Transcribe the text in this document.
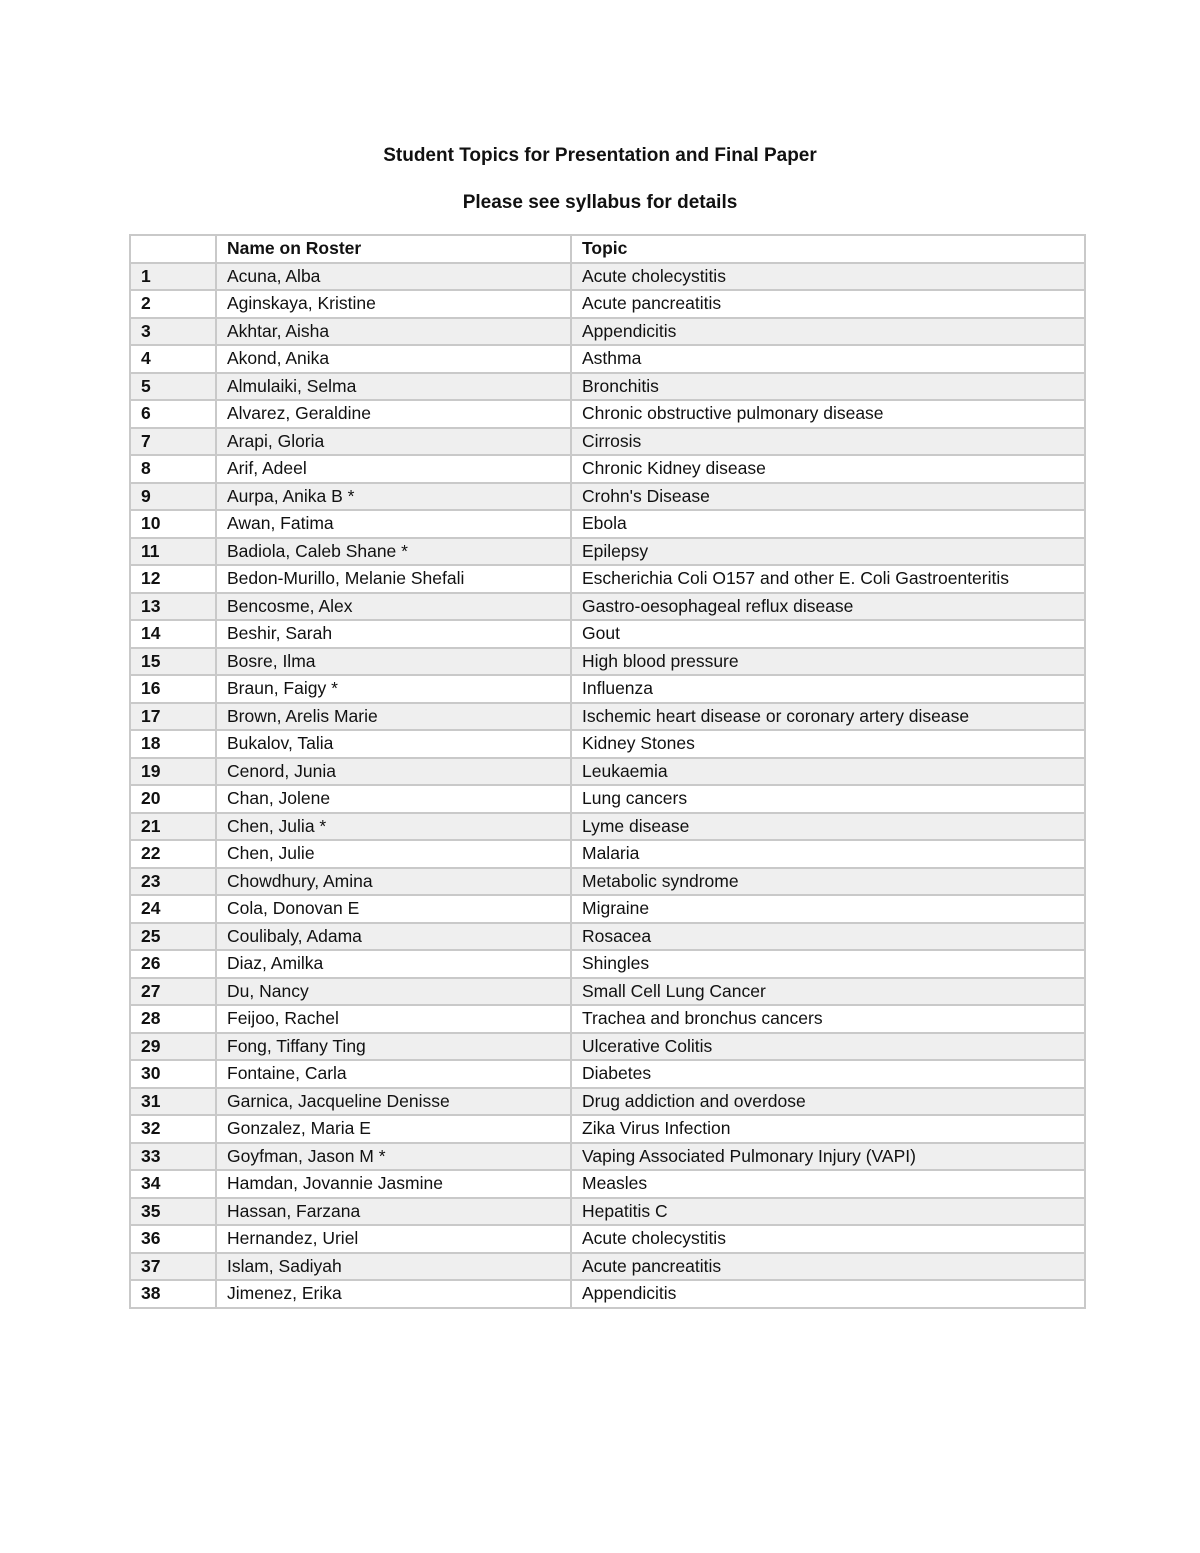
Student Topics for Presentation and Final Paper
Please see syllabus for details
	Name on Roster	Topic
1	Acuna, Alba	Acute cholecystitis
2	Aginskaya, Kristine	Acute pancreatitis
3	Akhtar, Aisha	Appendicitis
4	Akond, Anika	Asthma
5	Almulaiki, Selma	Bronchitis
6	Alvarez, Geraldine	Chronic obstructive pulmonary disease
7	Arapi, Gloria	Cirrosis
8	Arif, Adeel	Chronic Kidney disease
9	Aurpa, Anika B *	Crohn's Disease
10	Awan, Fatima	Ebola
11	Badiola, Caleb Shane *	Epilepsy
12	Bedon-Murillo, Melanie Shefali	Escherichia Coli O157 and other E. Coli Gastroenteritis
13	Bencosme, Alex	Gastro-oesophageal reflux disease
14	Beshir, Sarah	Gout
15	Bosre, Ilma	High blood pressure
16	Braun, Faigy *	Influenza
17	Brown, Arelis Marie	Ischemic heart disease or coronary artery disease
18	Bukalov, Talia	Kidney Stones
19	Cenord, Junia	Leukaemia
20	Chan, Jolene	Lung cancers
21	Chen, Julia *	Lyme disease
22	Chen, Julie	Malaria
23	Chowdhury, Amina	Metabolic syndrome
24	Cola, Donovan E	Migraine
25	Coulibaly, Adama	Rosacea
26	Diaz, Amilka	Shingles
27	Du, Nancy	Small Cell Lung Cancer
28	Feijoo, Rachel	Trachea and bronchus cancers
29	Fong, Tiffany Ting	Ulcerative Colitis
30	Fontaine, Carla	Diabetes
31	Garnica, Jacqueline Denisse	Drug addiction and overdose
32	Gonzalez, Maria E	Zika Virus Infection
33	Goyfman, Jason M *	Vaping Associated Pulmonary Injury (VAPI)
34	Hamdan, Jovannie Jasmine	Measles
35	Hassan, Farzana	Hepatitis C
36	Hernandez, Uriel	Acute cholecystitis
37	Islam, Sadiyah	Acute pancreatitis
38	Jimenez, Erika	Appendicitis
